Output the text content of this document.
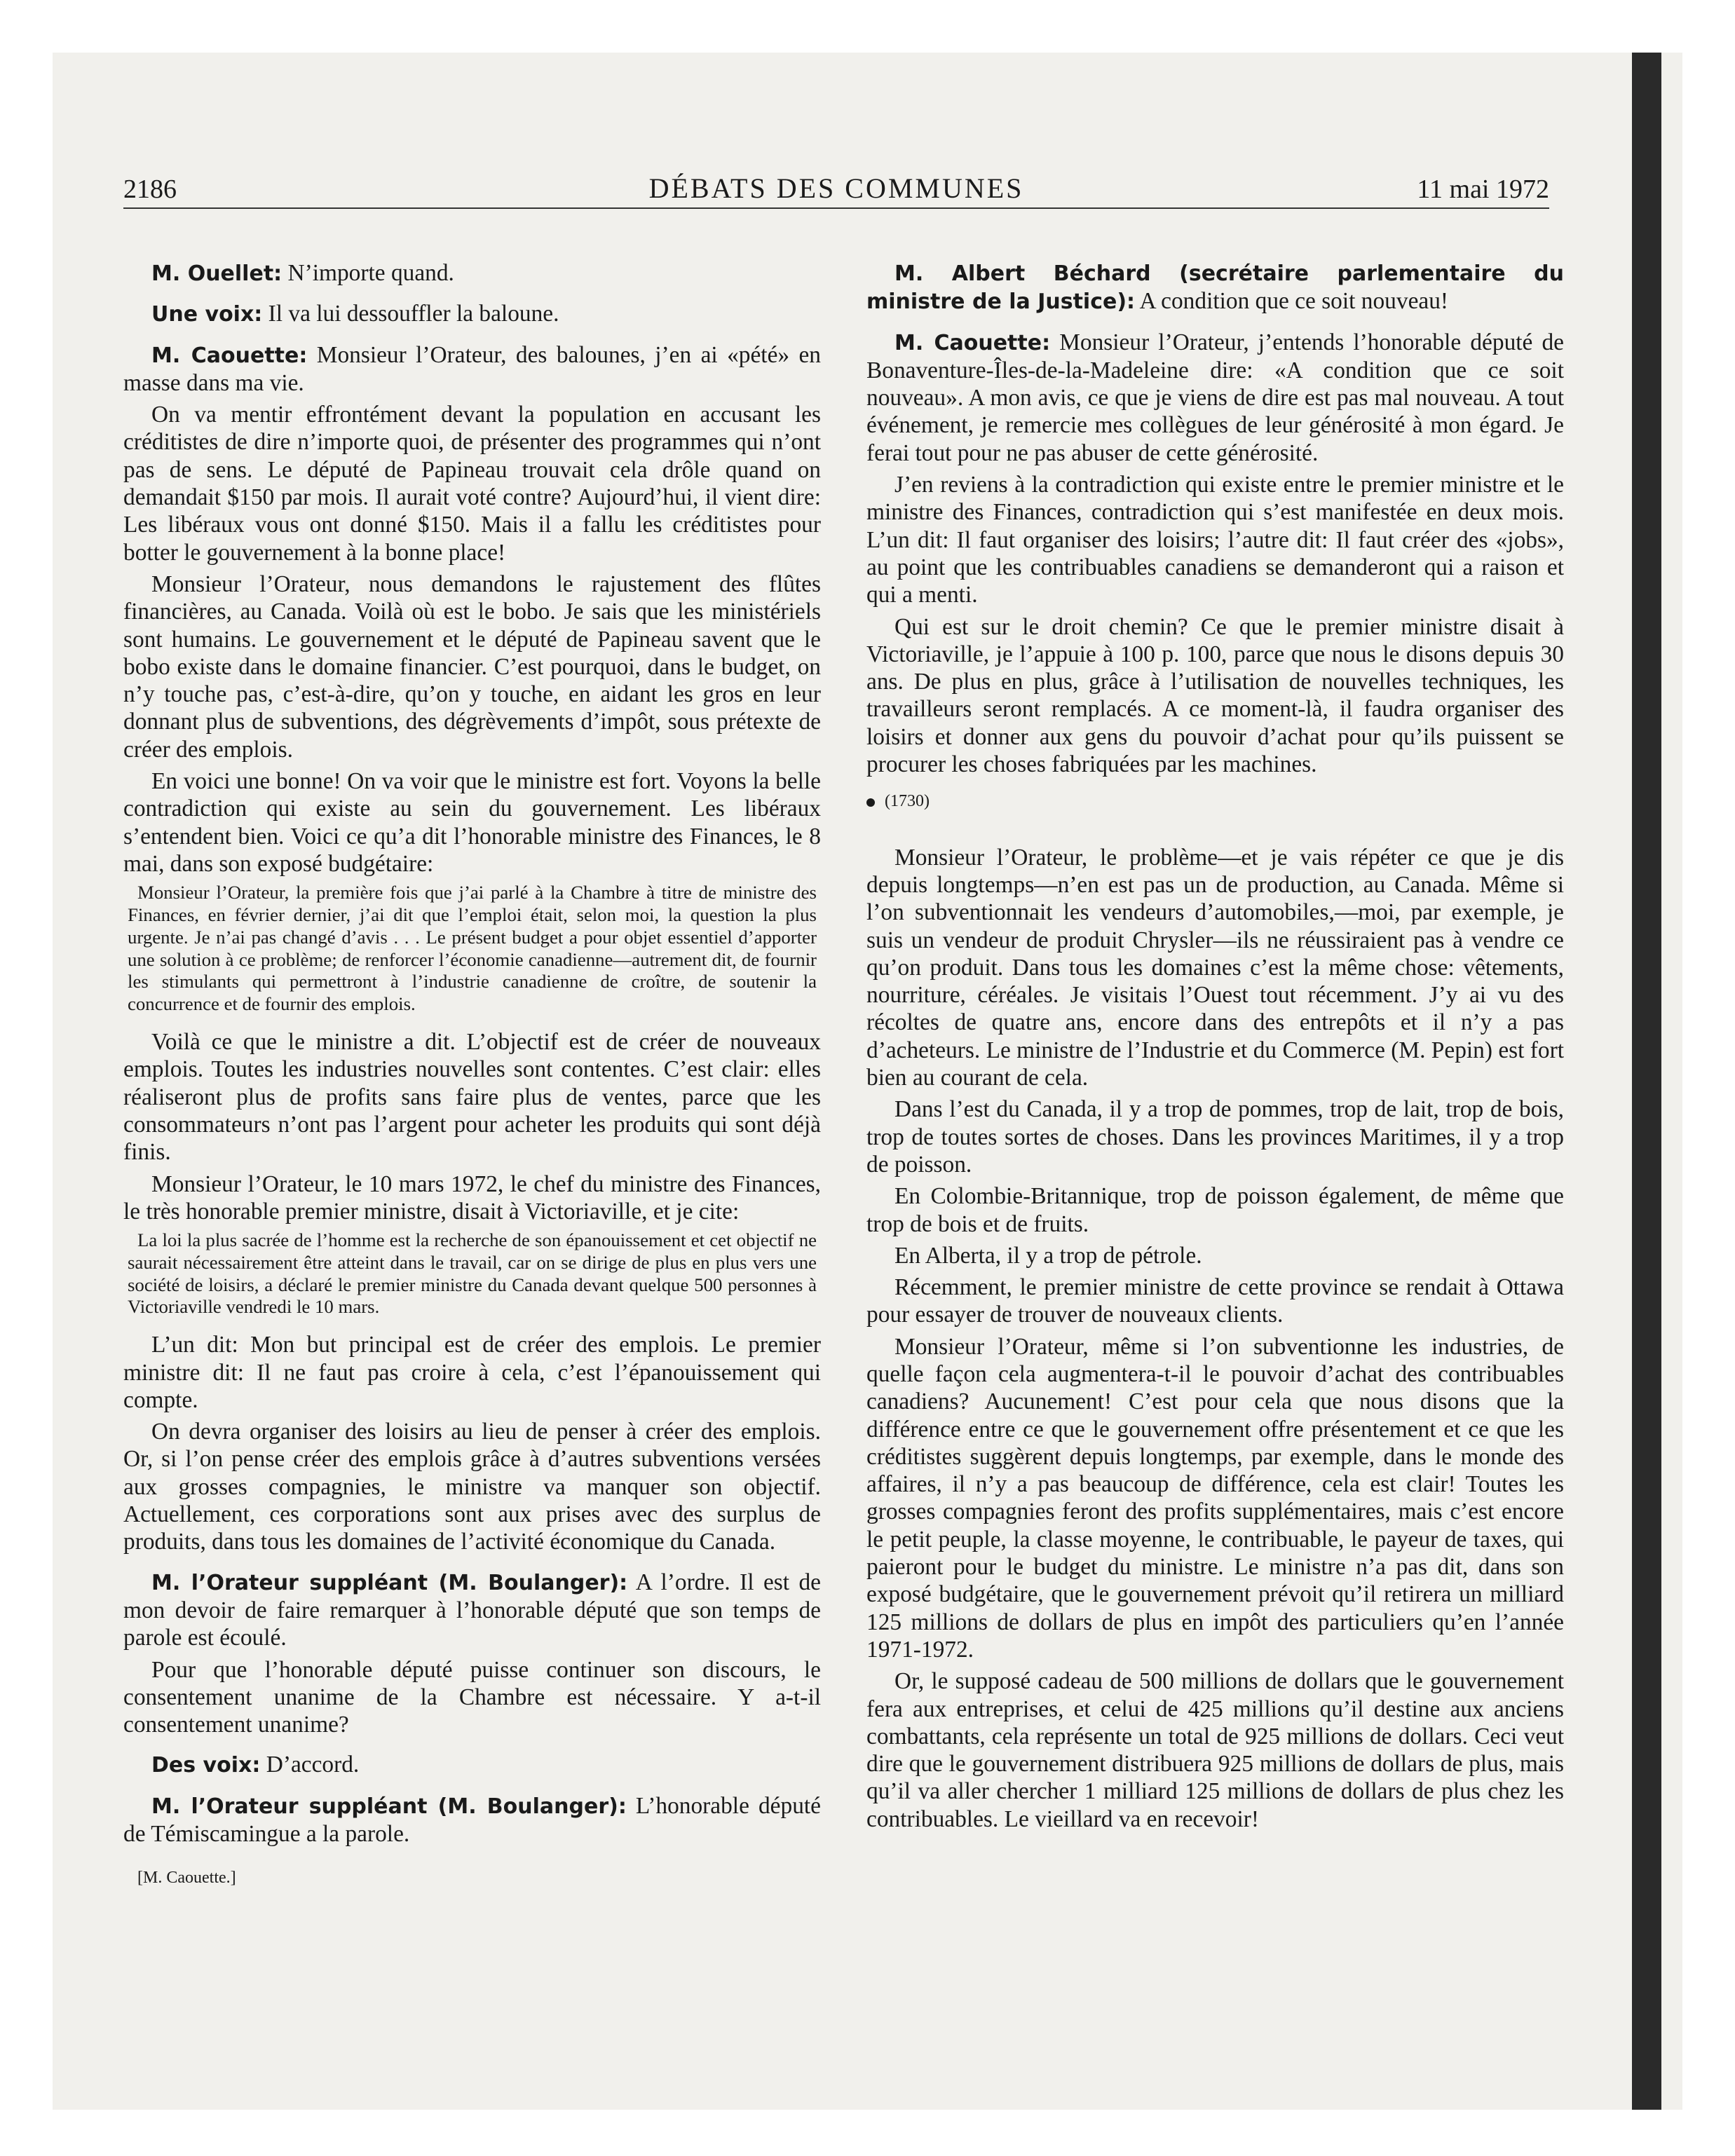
2186	DÉBATS DES COMMUNES	11 mai 1972

M. Ouellet: N’importe quand.

Une voix: Il va lui dessouffler la baloune.

M. Caouette: Monsieur l’Orateur, des balounes, j’en ai «pété» en masse dans ma vie.

On va mentir effrontément devant la population en accusant les créditistes de dire n’importe quoi, de présenter des programmes qui n’ont pas de sens. Le député de Papineau trouvait cela drôle quand on demandait $150 par mois. Il aurait voté contre? Aujourd’hui, il vient dire: Les libéraux vous ont donné $150. Mais il a fallu les créditistes pour botter le gouvernement à la bonne place!

Monsieur l’Orateur, nous demandons le rajustement des flûtes financières, au Canada. Voilà où est le bobo. Je sais que les ministériels sont humains. Le gouvernement et le député de Papineau savent que le bobo existe dans le domaine financier. C’est pourquoi, dans le budget, on n’y touche pas, c’est-à-dire, qu’on y touche, en aidant les gros en leur donnant plus de subventions, des dégrèvements d’impôt, sous prétexte de créer des emplois.

En voici une bonne! On va voir que le ministre est fort. Voyons la belle contradiction qui existe au sein du gouvernement. Les libéraux s’entendent bien. Voici ce qu’a dit l’honorable ministre des Finances, le 8 mai, dans son exposé budgétaire:

Monsieur l’Orateur, la première fois que j’ai parlé à la Chambre à titre de ministre des Finances, en février dernier, j’ai dit que l’emploi était, selon moi, la question la plus urgente. Je n’ai pas changé d’avis . . . Le présent budget a pour objet essentiel d’apporter une solution à ce problème; de renforcer l’économie canadienne—autrement dit, de fournir les stimulants qui permettront à l’industrie canadienne de croître, de soutenir la concurrence et de fournir des emplois.

Voilà ce que le ministre a dit. L’objectif est de créer de nouveaux emplois. Toutes les industries nouvelles sont contentes. C’est clair: elles réaliseront plus de profits sans faire plus de ventes, parce que les consommateurs n’ont pas l’argent pour acheter les produits qui sont déjà finis.

Monsieur l’Orateur, le 10 mars 1972, le chef du ministre des Finances, le très honorable premier ministre, disait à Victoriaville, et je cite:

La loi la plus sacrée de l’homme est la recherche de son épanouissement et cet objectif ne saurait nécessairement être atteint dans le travail, car on se dirige de plus en plus vers une société de loisirs, a déclaré le premier ministre du Canada devant quelque 500 personnes à Victoriaville vendredi le 10 mars.

L’un dit: Mon but principal est de créer des emplois. Le premier ministre dit: Il ne faut pas croire à cela, c’est l’épanouissement qui compte.

On devra organiser des loisirs au lieu de penser à créer des emplois. Or, si l’on pense créer des emplois grâce à d’autres subventions versées aux grosses compagnies, le ministre va manquer son objectif. Actuellement, ces corporations sont aux prises avec des surplus de produits, dans tous les domaines de l’activité économique du Canada.

M. l’Orateur suppléant (M. Boulanger): A l’ordre. Il est de mon devoir de faire remarquer à l’honorable député que son temps de parole est écoulé.

Pour que l’honorable député puisse continuer son discours, le consentement unanime de la Chambre est nécessaire. Y a-t-il consentement unanime?

Des voix: D’accord.

M. l’Orateur suppléant (M. Boulanger): L’honorable député de Témiscamingue a la parole.

[M. Caouette.]

M. Albert Béchard (secrétaire parlementaire du ministre de la Justice): A condition que ce soit nouveau!

M. Caouette: Monsieur l’Orateur, j’entends l’honorable député de Bonaventure-Îles-de-la-Madeleine dire: «A condition que ce soit nouveau». A mon avis, ce que je viens de dire est pas mal nouveau. A tout événement, je remercie mes collègues de leur générosité à mon égard. Je ferai tout pour ne pas abuser de cette générosité.

J’en reviens à la contradiction qui existe entre le premier ministre et le ministre des Finances, contradiction qui s’est manifestée en deux mois. L’un dit: Il faut organiser des loisirs; l’autre dit: Il faut créer des «jobs», au point que les contribuables canadiens se demanderont qui a raison et qui a menti.

Qui est sur le droit chemin? Ce que le premier ministre disait à Victoriaville, je l’appuie à 100 p. 100, parce que nous le disons depuis 30 ans. De plus en plus, grâce à l’utilisation de nouvelles techniques, les travailleurs seront remplacés. A ce moment-là, il faudra organiser des loisirs et donner aux gens du pouvoir d’achat pour qu’ils puissent se procurer les choses fabriquées par les machines.

(1730)

Monsieur l’Orateur, le problème—et je vais répéter ce que je dis depuis longtemps—n’en est pas un de production, au Canada. Même si l’on subventionnait les vendeurs d’automobiles,—moi, par exemple, je suis un vendeur de produit Chrysler—ils ne réussiraient pas à vendre ce qu’on produit. Dans tous les domaines c’est la même chose: vêtements, nourriture, céréales. Je visitais l’Ouest tout récemment. J’y ai vu des récoltes de quatre ans, encore dans des entrepôts et il n’y a pas d’acheteurs. Le ministre de l’Industrie et du Commerce (M. Pepin) est fort bien au courant de cela.

Dans l’est du Canada, il y a trop de pommes, trop de lait, trop de bois, trop de toutes sortes de choses. Dans les provinces Maritimes, il y a trop de poisson.

En Colombie-Britannique, trop de poisson également, de même que trop de bois et de fruits.

En Alberta, il y a trop de pétrole.

Récemment, le premier ministre de cette province se rendait à Ottawa pour essayer de trouver de nouveaux clients.

Monsieur l’Orateur, même si l’on subventionne les industries, de quelle façon cela augmentera-t-il le pouvoir d’achat des contribuables canadiens? Aucunement! C’est pour cela que nous disons que la différence entre ce que le gouvernement offre présentement et ce que les créditistes suggèrent depuis longtemps, par exemple, dans le monde des affaires, il n’y a pas beaucoup de différence, cela est clair! Toutes les grosses compagnies feront des profits supplémentaires, mais c’est encore le petit peuple, la classe moyenne, le contribuable, le payeur de taxes, qui paieront pour le budget du ministre. Le ministre n’a pas dit, dans son exposé budgétaire, que le gouvernement prévoit qu’il retirera un milliard 125 millions de dollars de plus en impôt des particuliers qu’en l’année 1971-1972.

Or, le supposé cadeau de 500 millions de dollars que le gouvernement fera aux entreprises, et celui de 425 millions qu’il destine aux anciens combattants, cela représente un total de 925 millions de dollars. Ceci veut dire que le gouvernement distribuera 925 millions de dollars de plus, mais qu’il va aller chercher 1 milliard 125 millions de dollars de plus chez les contribuables. Le vieillard va en recevoir!
